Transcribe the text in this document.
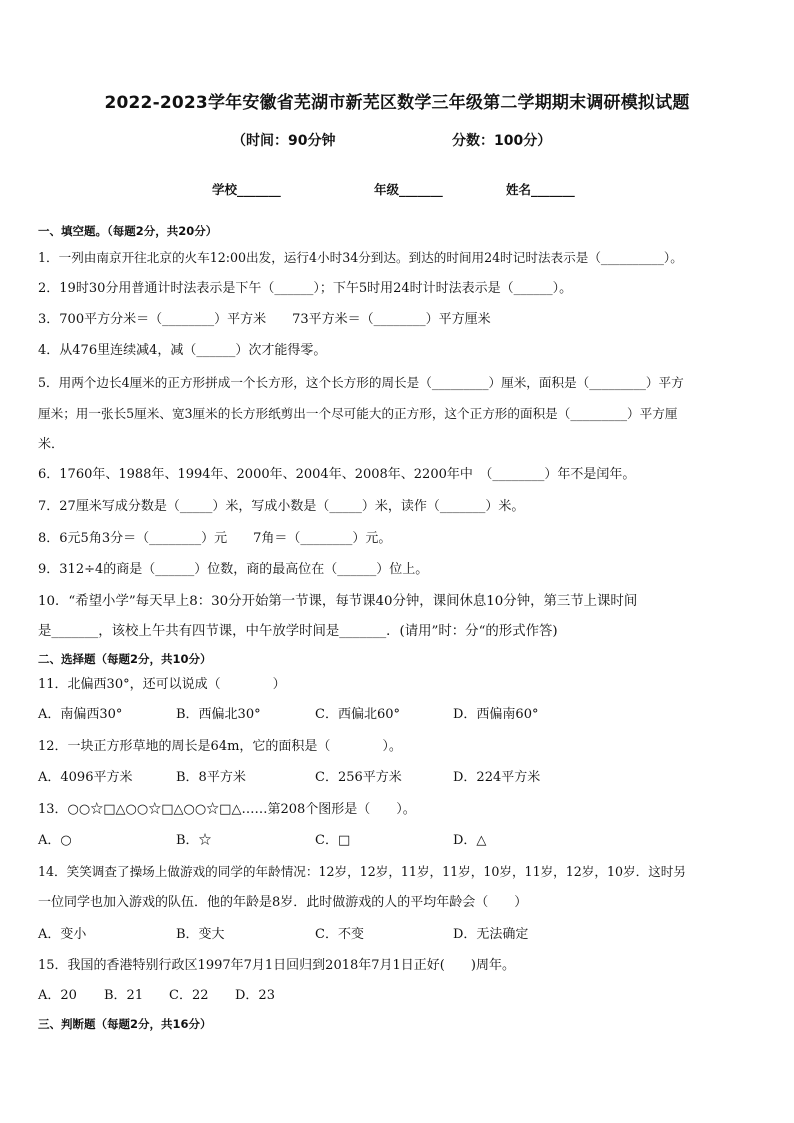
2022-2023学年安徽省芜湖市新芜区数学三年级第二学期期末调研模拟试题
（时间：90分钟	分数：100分）
学校_______	年级_______	姓名_______
一、填空题。（每题2分，共20分）
1．一列由南京开往北京的火车12:00出发，运行4小时34分到达。到达的时间用24时记时法表示是（__________）。
2．19时30分用普通计时法表示是下午（______）；下午5时用24时计时法表示是（______）。
3．700平方分米＝（________）平方米　　73平方米＝（________）平方厘米
4．从476里连续减4，减（______）次才能得零。
5．用两个边长4厘米的正方形拼成一个长方形，这个长方形的周长是（_________）厘米，面积是（_________）平方
厘米；用一张长5厘米、宽3厘米的长方形纸剪出一个尽可能大的正方形，这个正方形的面积是（_________）平方厘
米．
6．1760年、1988年、1994年、2000年、2004年、2008年、2200年中　（________）年不是闰年。
7．27厘米写成分数是（_____）米，写成小数是（_____）米，读作（_______）米。
8．6元5角3分＝（________）元　　7角＝（________）元。
9．312÷4的商是（______）位数，商的最高位在（______）位上。
10．“希望小学”每天早上8：30分开始第一节课，每节课40分钟，课间休息10分钟，第三节上课时间
是_______，该校上午共有四节课，中午放学时间是_______．(请用”时：分“的形式作答)
二、选择题（每题2分，共10分）
11．北偏西30°，还可以说成（　　　　）
A．南偏西30°	B．西偏北30°	C．西偏北60°	D．西偏南60°
12．一块正方形草地的周长是64m，它的面积是（　　　　）。
A．4096平方米	B．8平方米	C．256平方米	D．224平方米
13．○○☆□△○○☆□△○○☆□△……第208个图形是（　　）。
A．○	B．☆	C．□	D．△
14．笑笑调查了操场上做游戏的同学的年龄情况：12岁，12岁，11岁，11岁，10岁，11岁，12岁，10岁．这时另
一位同学也加入游戏的队伍．他的年龄是8岁．此时做游戏的人的平均年龄会（　　）
A．变小	B．变大	C．不变	D．无法确定
15．我国的香港特别行政区1997年7月1日回归到2018年7月1日正好(　　)周年。
A．20 B．21 C．22 D．23
三、判断题（每题2分，共16分）
